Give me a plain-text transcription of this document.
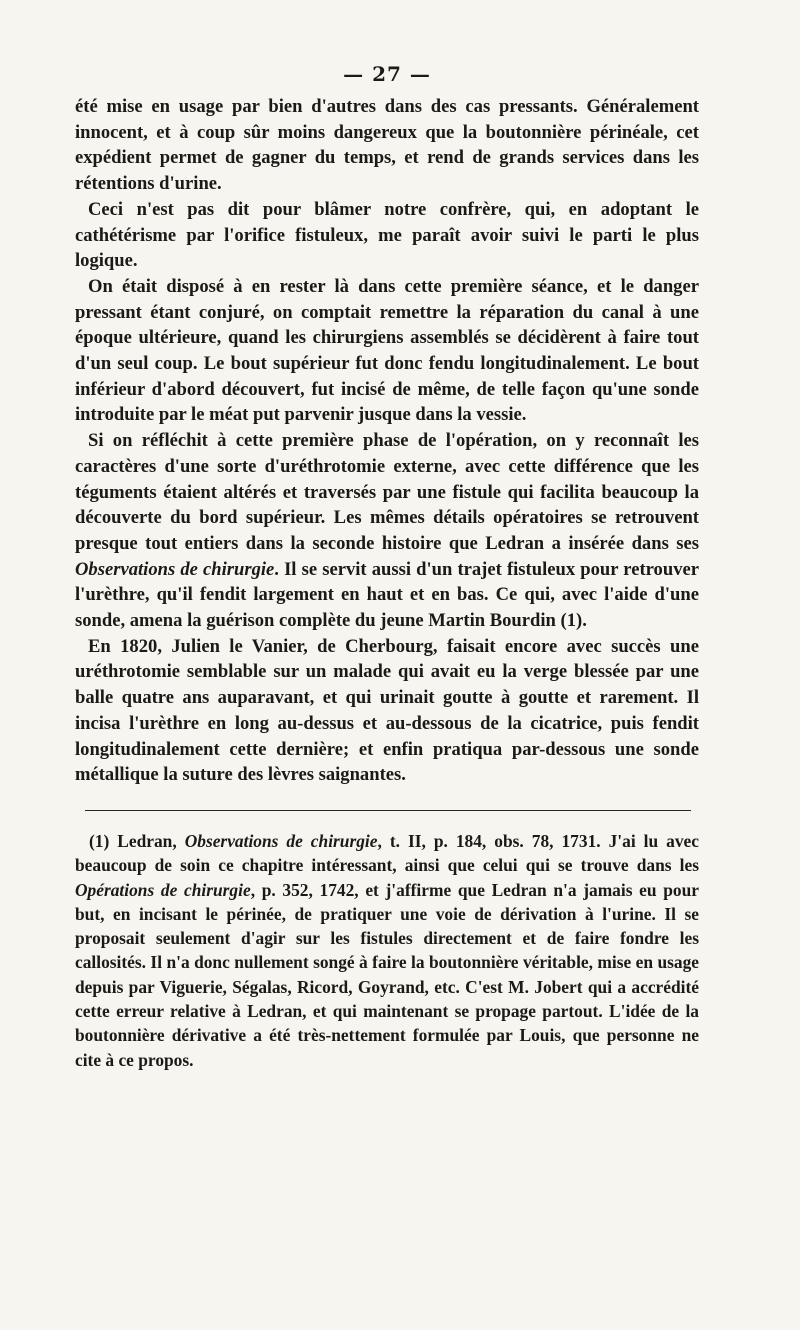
— 27 —

été mise en usage par bien d'autres dans des cas pressants. Généralement innocent, et à coup sûr moins dangereux que la boutonnière périnéale, cet expédient permet de gagner du temps, et rend de grands services dans les rétentions d'urine.

Ceci n'est pas dit pour blâmer notre confrère, qui, en adoptant le cathétérisme par l'orifice fistuleux, me paraît avoir suivi le parti le plus logique.

On était disposé à en rester là dans cette première séance, et le danger pressant étant conjuré, on comptait remettre la réparation du canal à une époque ultérieure, quand les chirurgiens assemblés se décidèrent à faire tout d'un seul coup. Le bout supérieur fut donc fendu longitudinalement. Le bout inférieur d'abord découvert, fut incisé de même, de telle façon qu'une sonde introduite par le méat put parvenir jusque dans la vessie.

Si on réfléchit à cette première phase de l'opération, on y reconnaît les caractères d'une sorte d'uréthrotomie externe, avec cette différence que les téguments étaient altérés et traversés par une fistule qui facilita beaucoup la découverte du bord supérieur. Les mêmes détails opératoires se retrouvent presque tout entiers dans la seconde histoire que Ledran a insérée dans ses Observations de chirurgie. Il se servit aussi d'un trajet fistuleux pour retrouver l'urèthre, qu'il fendit largement en haut et en bas. Ce qui, avec l'aide d'une sonde, amena la guérison complète du jeune Martin Bourdin (1).

En 1820, Julien le Vanier, de Cherbourg, faisait encore avec succès une uréthrotomie semblable sur un malade qui avait eu la verge blessée par une balle quatre ans auparavant, et qui urinait goutte à goutte et rarement. Il incisa l'urèthre en long au-dessus et au-dessous de la cicatrice, puis fendit longitudinalement cette dernière; et enfin pratiqua par-dessous une sonde métallique la suture des lèvres saignantes.

(1) Ledran, Observations de chirurgie, t. II, p. 184, obs. 78, 1731. J'ai lu avec beaucoup de soin ce chapitre intéressant, ainsi que celui qui se trouve dans les Opérations de chirurgie, p. 352, 1742, et j'affirme que Ledran n'a jamais eu pour but, en incisant le périnée, de pratiquer une voie de dérivation à l'urine. Il se proposait seulement d'agir sur les fistules directement et de faire fondre les callosités. Il n'a donc nullement songé à faire la boutonnière véritable, mise en usage depuis par Viguerie, Ségalas, Ricord, Goyrand, etc. C'est M. Jobert qui a accrédité cette erreur relative à Ledran, et qui maintenant se propage partout. L'idée de la boutonnière dérivative a été très-nettement formulée par Louis, que personne ne cite à ce propos.
